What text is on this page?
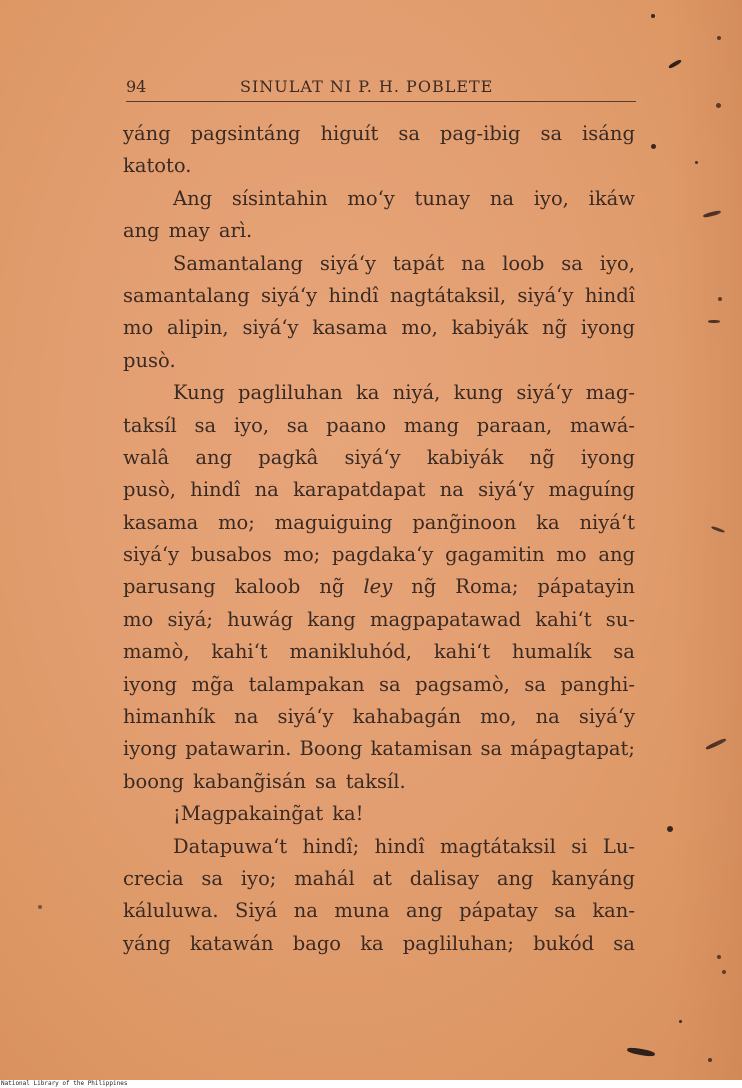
94	SINULAT NI P. H. POBLETE
yáng pagsintáng higuít sa pag-ibig sa isáng
katoto.
Ang sísintahin mo‘y tunay na iyo, ikáw
ang may arì.
Samantalang siyá‘y tapát na loob sa iyo,
samantalang siyá‘y hindî nagtátaksil, siyá‘y hindî
mo alipin, siyá‘y kasama mo, kabiyák ng̃ iyong
pusò.
Kung pagliluhan ka niyá, kung siyá‘y mag-
taksíl sa iyo, sa paano mang paraan, mawá-
walâ ang pagkâ siyá‘y kabiyák ng̃ iyong
pusò, hindî na karapatdapat na siyá‘y maguíng
kasama mo; maguiguing pang̃inoon ka niyá‘t
siyá‘y busabos mo; pagdaka‘y gagamitin mo ang
parusang kaloob ng̃ ley ng̃ Roma; pápatayin
mo siyá; huwág kang magpapatawad kahi‘t su-
mamò, kahi‘t manikluhód, kahi‘t humalík sa
iyong mg̃a talampakan sa pagsamò, sa panghi-
himanhík na siyá‘y kahabagán mo, na siyá‘y
iyong patawarin. Boong katamisan sa mápagtapat;
boong kabang̃isán sa taksíl.
¡Magpakaing̃at ka!
Datapuwa‘t hindî; hindî magtátaksil si Lu-
crecia sa iyo; mahál at dalisay ang kanyáng
káluluwa. Siyá na muna ang pápatay sa kan-
yáng katawán bago ka pagliluhan; bukód sa
National Library of the Philippines
